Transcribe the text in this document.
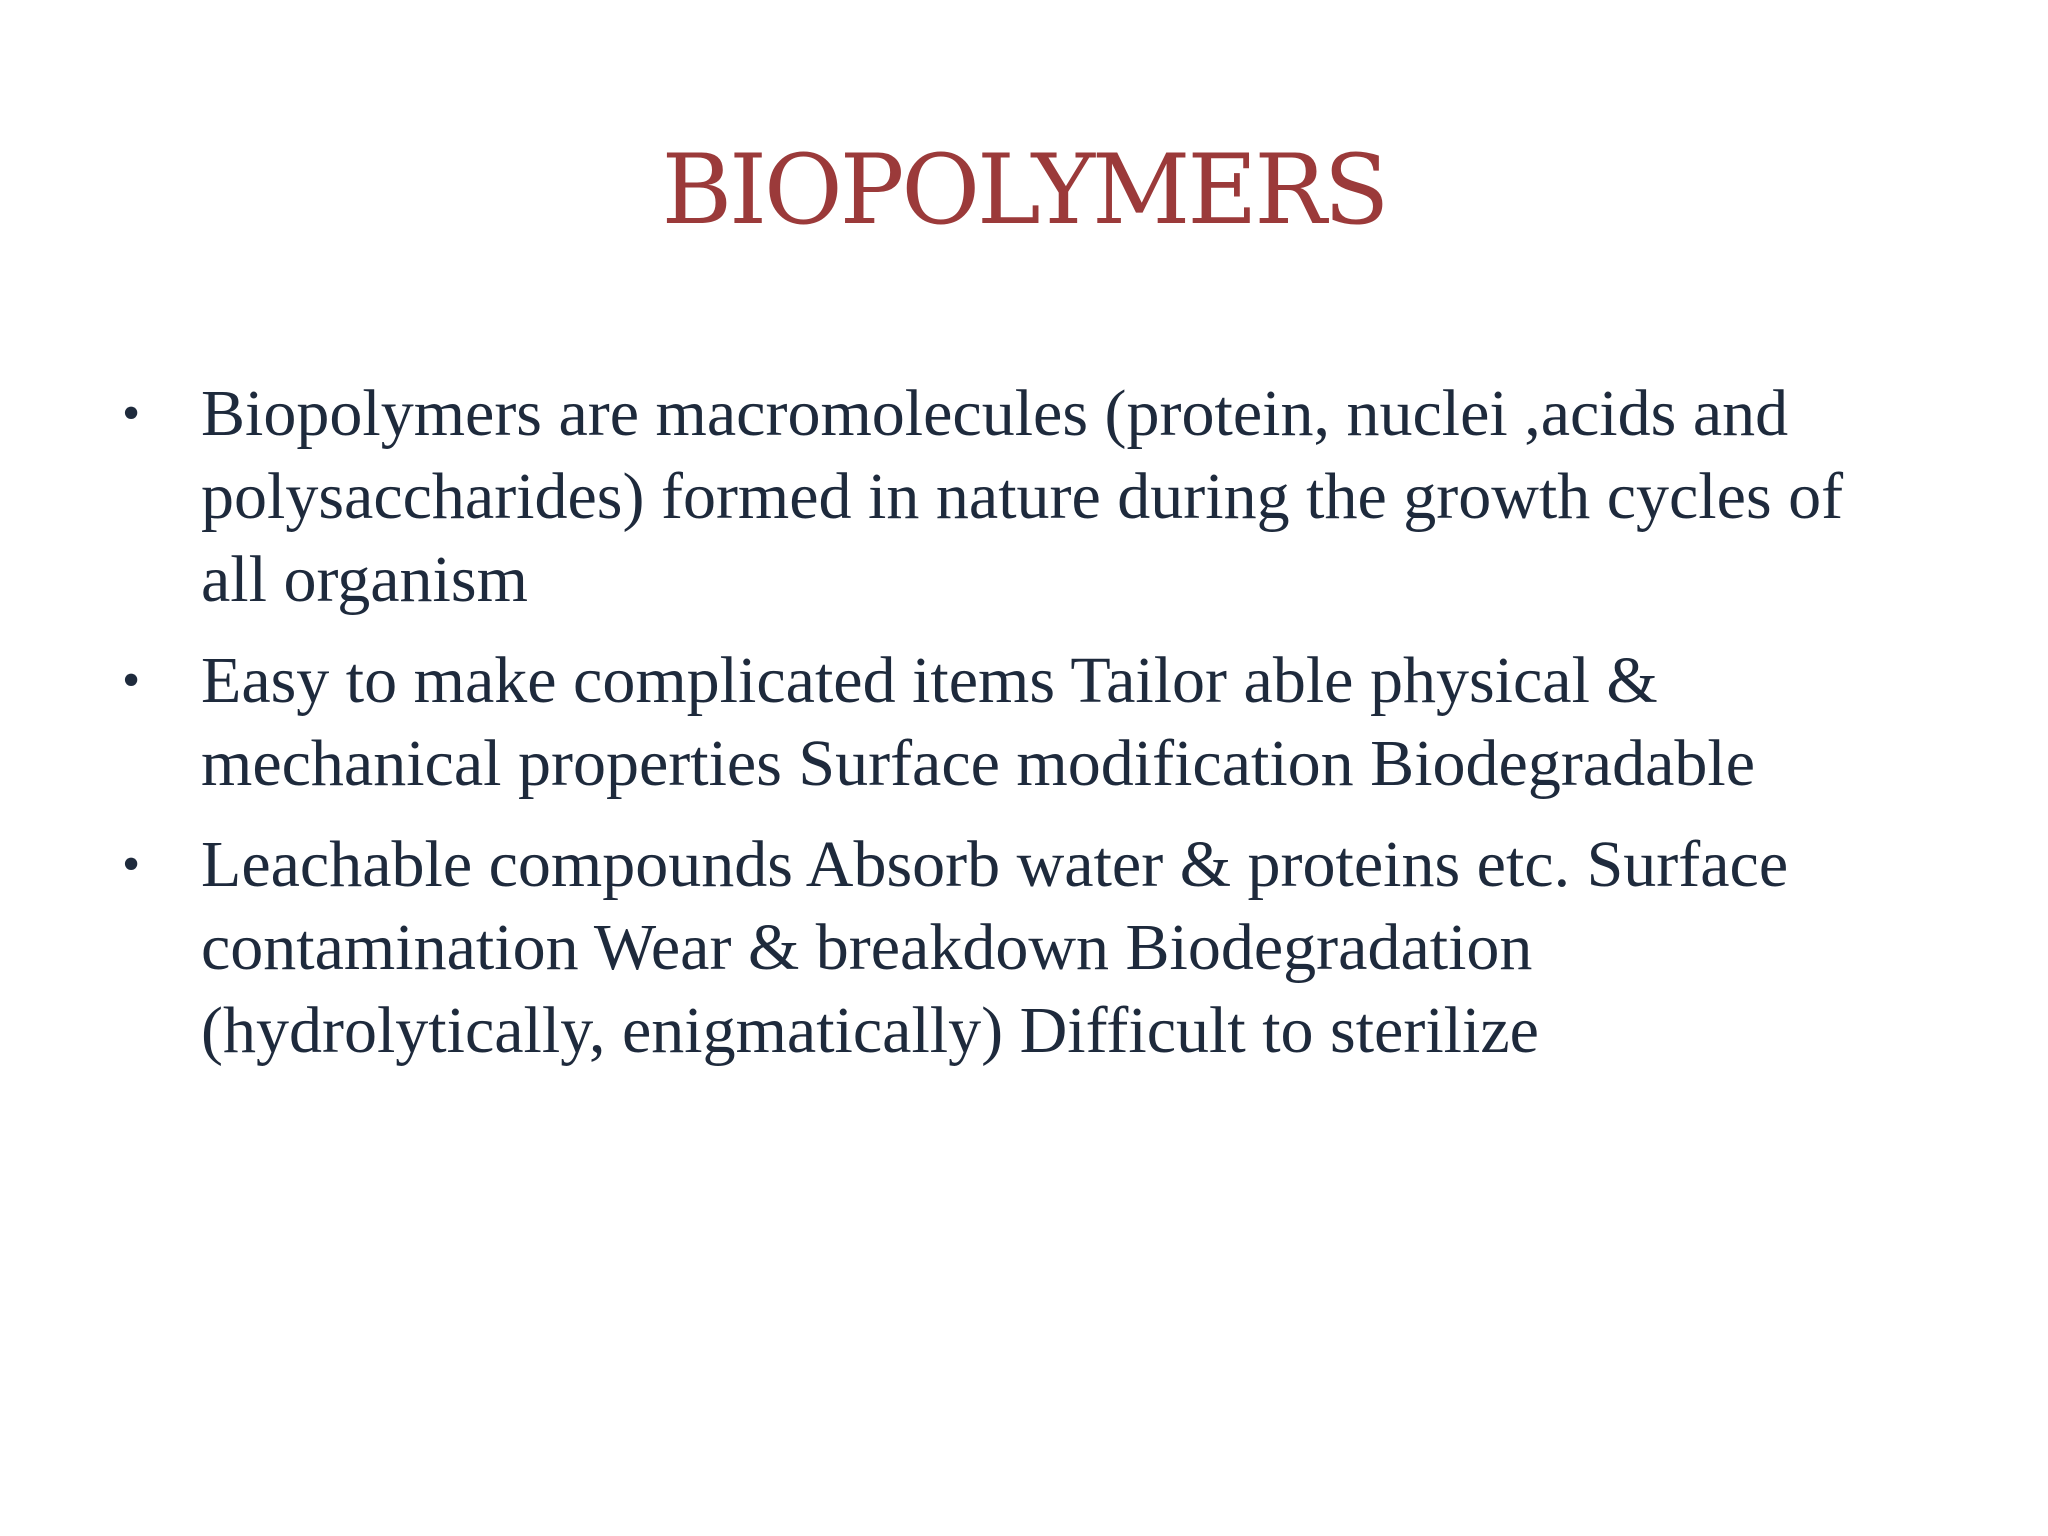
BIOPOLYMERS
• Biopolymers are macromolecules (protein, nuclei ,acids and polysaccharides) formed in nature during the growth cycles of all organism
• Easy to make complicated items Tailor able physical & mechanical properties Surface modification Biodegradable
• Leachable compounds Absorb water & proteins etc. Surface contamination Wear & breakdown Biodegradation (hydrolytically, enigmatically) Difficult to sterilize
